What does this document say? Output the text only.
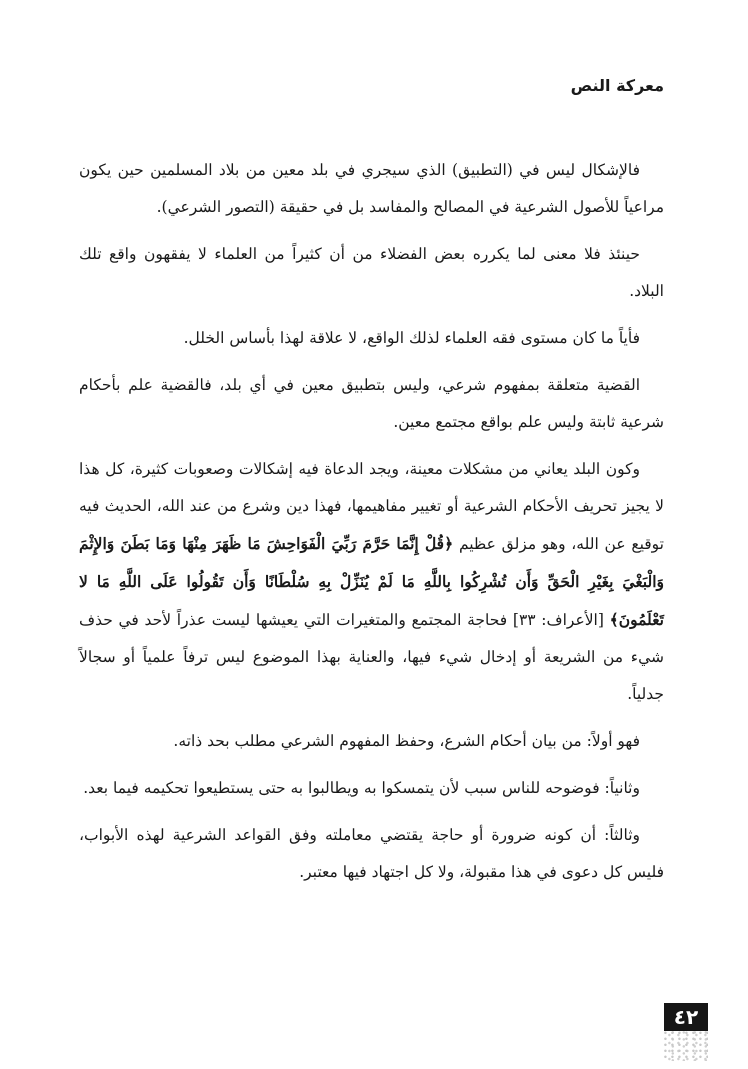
معركة النص

فالإشكال ليس في (التطبيق) الذي سيجري في بلد معين من بلاد المسلمين حين يكون مراعياً للأصول الشرعية في المصالح والمفاسد بل في حقيقة (التصور الشرعي).

حينئذ فلا معنى لما يكرره بعض الفضلاء من أن كثيراً من العلماء لا يفقهون واقع تلك البلاد.

فأياً ما كان مستوى فقه العلماء لذلك الواقع، لا علاقة لهذا بأساس الخلل.

القضية متعلقة بمفهوم شرعي، وليس بتطبيق معين في أي بلد، فالقضية علم بأحكام شرعية ثابتة وليس علم بواقع مجتمع معين.

وكون البلد يعاني من مشكلات معينة، ويجد الدعاة فيه إشكالات وصعوبات كثيرة، كل هذا لا يجيز تحريف الأحكام الشرعية أو تغيير مفاهيمها، فهذا دين وشرع من عند الله، الحديث فيه توقيع عن الله، وهو مزلق عظيم ﴿قُلْ إِنَّمَا حَرَّمَ رَبِّيَ الْفَوَاحِشَ مَا ظَهَرَ مِنْهَا وَمَا بَطَنَ وَالإِثْمَ وَالْبَغْيَ بِغَيْرِ الْحَقِّ وَأَن تُشْرِكُوا بِاللَّهِ مَا لَمْ يُنَزِّلْ بِهِ سُلْطَانًا وَأَن تَقُولُوا عَلَى اللَّهِ مَا لا تَعْلَمُونَ﴾ [الأعراف: ٣٣] فحاجة المجتمع والمتغيرات التي يعيشها ليست عذراً لأحد في حذف شيء من الشريعة أو إدخال شيء فيها، والعناية بهذا الموضوع ليس ترفاً علمياً أو سجالاً جدلياً.

فهو أولاً: من بيان أحكام الشرع، وحفظ المفهوم الشرعي مطلب بحد ذاته.

وثانياً: فوضوحه للناس سبب لأن يتمسكوا به ويطالبوا به حتى يستطيعوا تحكيمه فيما بعد.

وثالثاً: أن كونه ضرورة أو حاجة يقتضي معاملته وفق القواعد الشرعية لهذه الأبواب، فليس كل دعوى في هذا مقبولة، ولا كل اجتهاد فيها معتبر.

٤٢
